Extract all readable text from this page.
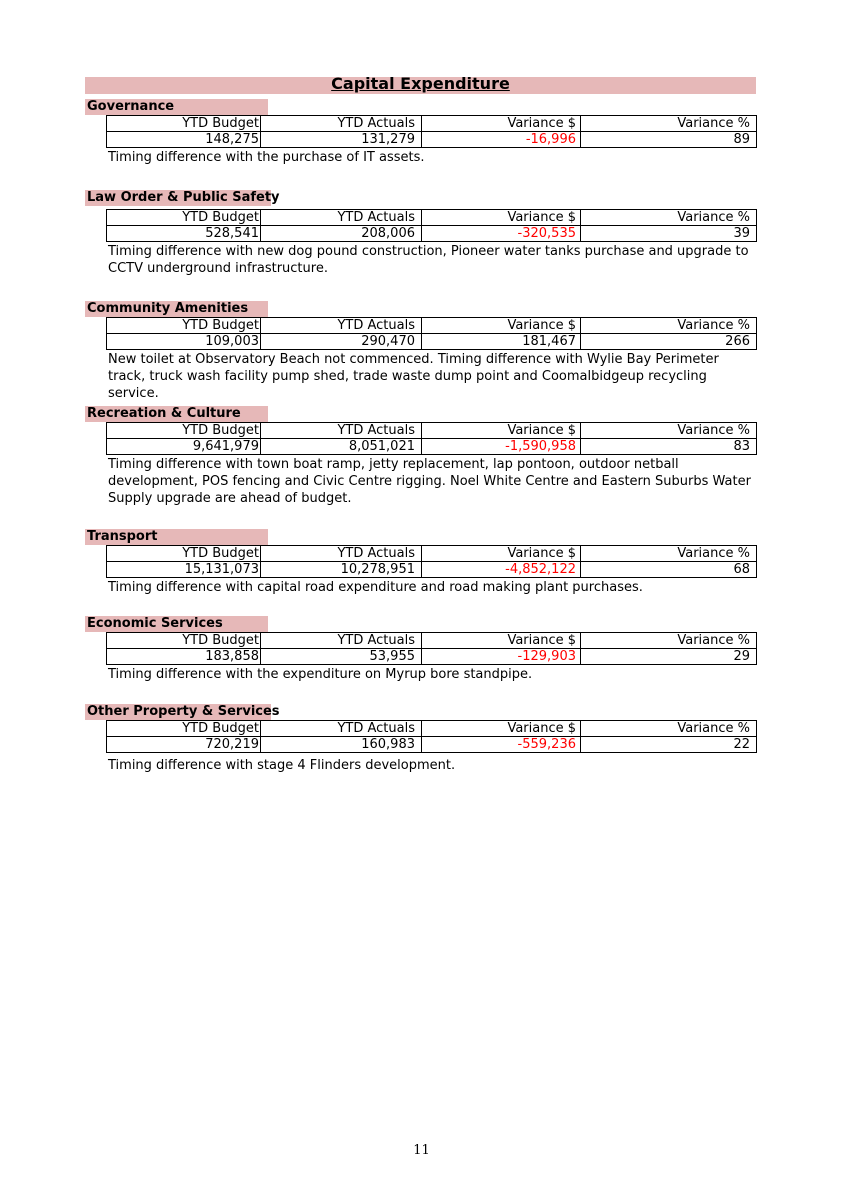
Capital Expenditure
Governance
YTD Budget	YTD Actuals	Variance $	Variance %
148,275	131,279	-16,996	89
Timing difference with the purchase of IT assets.
Law Order & Public Safety
YTD Budget	YTD Actuals	Variance $	Variance %
528,541	208,006	-320,535	39
Timing difference with new dog pound construction, Pioneer water tanks purchase and upgrade to CCTV underground infrastructure.
Community Amenities
YTD Budget	YTD Actuals	Variance $	Variance %
109,003	290,470	181,467	266
New toilet at Observatory Beach not commenced. Timing difference with Wylie Bay Perimeter track, truck wash facility pump shed, trade waste dump point and Coomalbidgeup recycling service.
Recreation & Culture
YTD Budget	YTD Actuals	Variance $	Variance %
9,641,979	8,051,021	-1,590,958	83
Timing difference with town boat ramp, jetty replacement, lap pontoon, outdoor netball development, POS fencing and Civic Centre rigging. Noel White Centre and Eastern Suburbs Water Supply upgrade are ahead of budget.
Transport
YTD Budget	YTD Actuals	Variance $	Variance %
15,131,073	10,278,951	-4,852,122	68
Timing difference with capital road expenditure and road making plant purchases.
Economic Services
YTD Budget	YTD Actuals	Variance $	Variance %
183,858	53,955	-129,903	29
Timing difference with the expenditure on Myrup bore standpipe.
Other Property & Services
YTD Budget	YTD Actuals	Variance $	Variance %
720,219	160,983	-559,236	22
Timing difference with stage 4 Flinders development.
11
